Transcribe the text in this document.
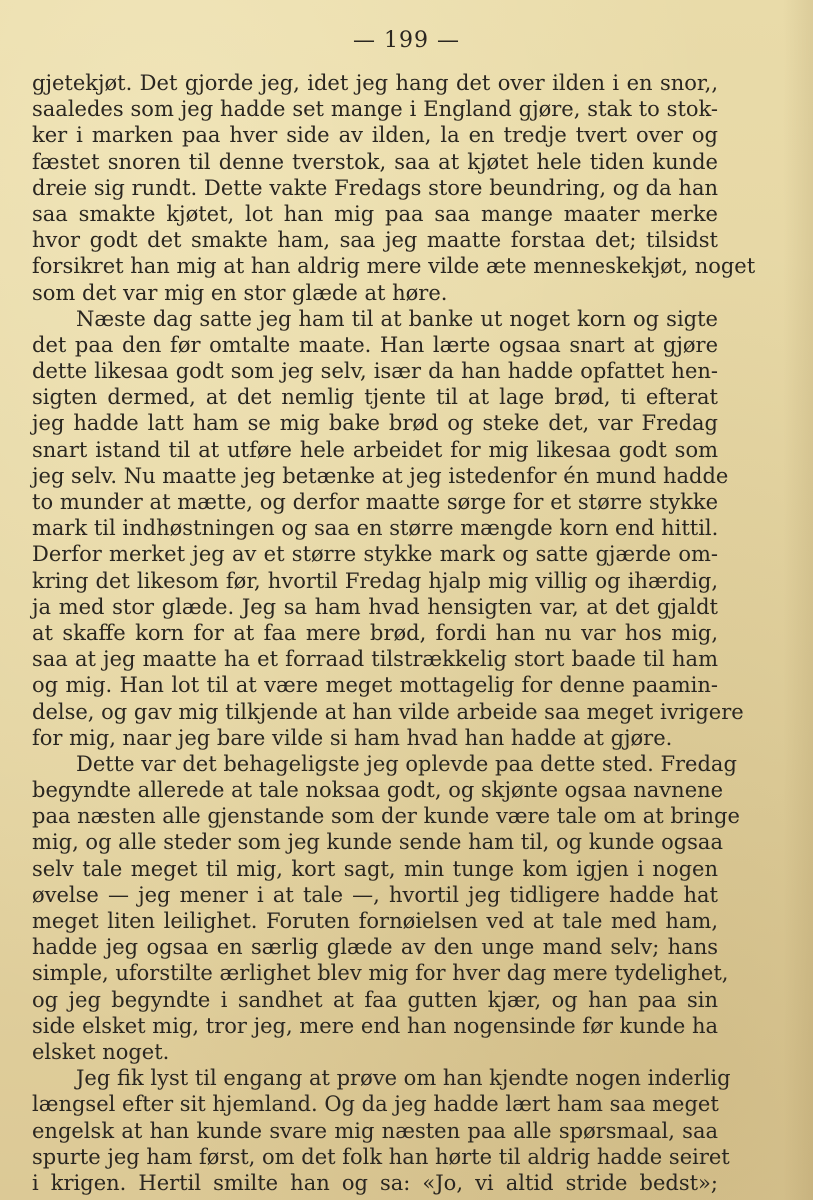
— 199 —
gjetekjøt. Det gjorde jeg, idet jeg hang det over ilden i en snor,,
saaledes som jeg hadde set mange i England gjøre, stak to stok-
ker i marken paa hver side av ilden, la en tredje tvert over og
fæstet snoren til denne tverstok, saa at kjøtet hele tiden kunde
dreie sig rundt. Dette vakte Fredags store beundring, og da han
saa smakte kjøtet, lot han mig paa saa mange maater merke
hvor godt det smakte ham, saa jeg maatte forstaa det; tilsidst
forsikret han mig at han aldrig mere vilde æte menneskekjøt, noget
som det var mig en stor glæde at høre.
Næste dag satte jeg ham til at banke ut noget korn og sigte
det paa den før omtalte maate. Han lærte ogsaa snart at gjøre
dette likesaa godt som jeg selv, især da han hadde opfattet hen-
sigten dermed, at det nemlig tjente til at lage brød, ti efterat
jeg hadde latt ham se mig bake brød og steke det, var Fredag
snart istand til at utføre hele arbeidet for mig likesaa godt som
jeg selv. Nu maatte jeg betænke at jeg istedenfor én mund hadde
to munder at mætte, og derfor maatte sørge for et større stykke
mark til indhøstningen og saa en større mængde korn end hittil.
Derfor merket jeg av et større stykke mark og satte gjærde om-
kring det likesom før, hvortil Fredag hjalp mig villig og ihærdig,
ja med stor glæde. Jeg sa ham hvad hensigten var, at det gjaldt
at skaffe korn for at faa mere brød, fordi han nu var hos mig,
saa at jeg maatte ha et forraad tilstrækkelig stort baade til ham
og mig. Han lot til at være meget mottagelig for denne paamin-
delse, og gav mig tilkjende at han vilde arbeide saa meget ivrigere
for mig, naar jeg bare vilde si ham hvad han hadde at gjøre.
Dette var det behageligste jeg oplevde paa dette sted. Fredag
begyndte allerede at tale noksaa godt, og skjønte ogsaa navnene
paa næsten alle gjenstande som der kunde være tale om at bringe
mig, og alle steder som jeg kunde sende ham til, og kunde ogsaa
selv tale meget til mig, kort sagt, min tunge kom igjen i nogen
øvelse — jeg mener i at tale —, hvortil jeg tidligere hadde hat
meget liten leilighet. Foruten fornøielsen ved at tale med ham,
hadde jeg ogsaa en særlig glæde av den unge mand selv; hans
simple, uforstilte ærlighet blev mig for hver dag mere tydelighet,
og jeg begyndte i sandhet at faa gutten kjær, og han paa sin
side elsket mig, tror jeg, mere end han nogensinde før kunde ha
elsket noget.
Jeg fik lyst til engang at prøve om han kjendte nogen inderlig
længsel efter sit hjemland. Og da jeg hadde lært ham saa meget
engelsk at han kunde svare mig næsten paa alle spørsmaal, saa
spurte jeg ham først, om det folk han hørte til aldrig hadde seiret
i krigen. Hertil smilte han og sa: «Jo, vi altid stride bedst»;
